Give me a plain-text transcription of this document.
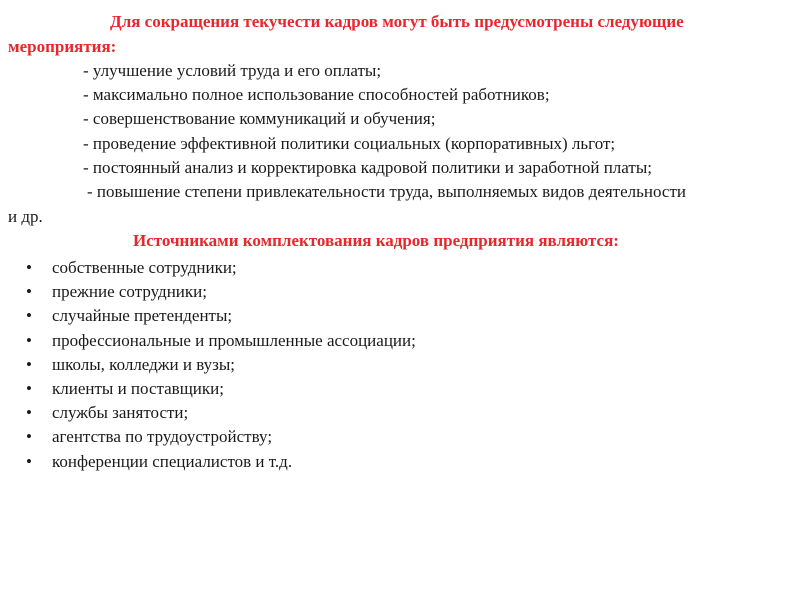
Для сокращения текучести кадров могут быть предусмотрены следующие
мероприятия:
- улучшение условий труда и его оплаты;
- максимально полное использование способностей работников;
- совершенствование коммуникаций и обучения;
- проведение эффективной политики социальных (корпоративных) льгот;
- постоянный анализ и корректировка кадровой политики и заработной платы;
- повышение степени привлекательности труда, выполняемых видов деятельности
и др.
Источниками комплектования кадров предприятия являются:
• собственные сотрудники;
• прежние сотрудники;
• случайные претенденты;
• профессиональные и промышленные ассоциации;
• школы, колледжи и вузы;
• клиенты и поставщики;
• службы занятости;
• агентства по трудоустройству;
• конференции специалистов и т.д.
